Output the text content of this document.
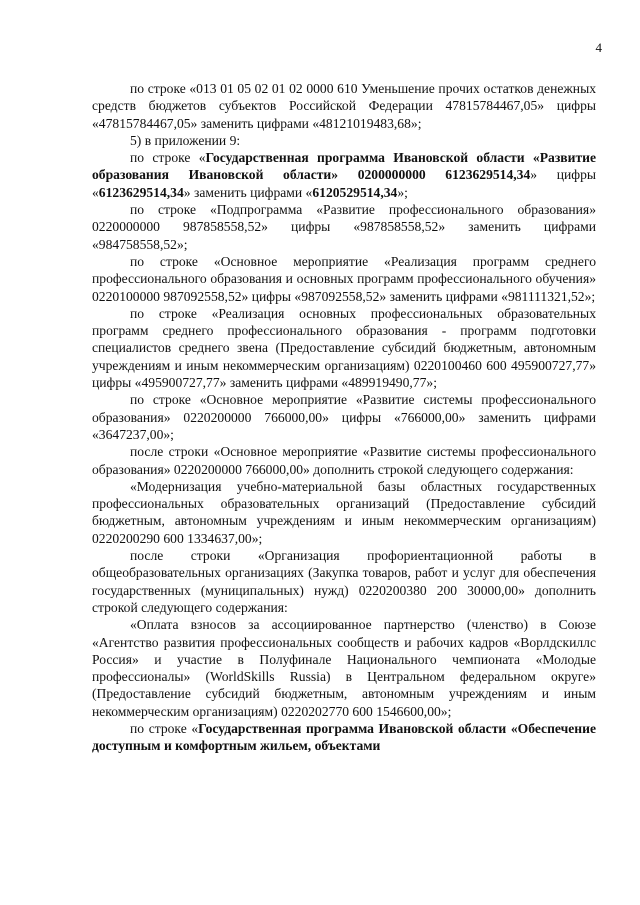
4

по строке «013 01 05 02 01 02 0000 610 Уменьшение прочих остатков денежных средств бюджетов субъектов Российской Федерации 47815784467,05» цифры «47815784467,05» заменить цифрами «48121019483,68»;

5) в приложении 9:

по строке «Государственная программа Ивановской области «Развитие образования Ивановской области» 0200000000 6123629514,34» цифры «6123629514,34» заменить цифрами «6120529514,34»;

по строке «Подпрограмма «Развитие профессионального образования» 0220000000 987858558,52» цифры «987858558,52» заменить цифрами «984758558,52»;

по строке «Основное мероприятие «Реализация программ среднего профессионального образования и основных программ профессионального обучения» 0220100000 987092558,52» цифры «987092558,52» заменить цифрами «981111321,52»;

по строке «Реализация основных профессиональных образовательных программ среднего профессионального образования - программ подготовки специалистов среднего звена (Предоставление субсидий бюджетным, автономным учреждениям и иным некоммерческим организациям) 0220100460 600 495900727,77» цифры «495900727,77» заменить цифрами «489919490,77»;

по строке «Основное мероприятие «Развитие системы профессионального образования» 0220200000 766000,00» цифры «766000,00» заменить цифрами «3647237,00»;

после строки «Основное мероприятие «Развитие системы профессионального образования» 0220200000 766000,00» дополнить строкой следующего содержания:

«Модернизация учебно-материальной базы областных государственных профессиональных образовательных организаций (Предоставление субсидий бюджетным, автономным учреждениям и иным некоммерческим организациям) 0220200290 600 1334637,00»;

после строки «Организация профориентационной работы в общеобразовательных организациях (Закупка товаров, работ и услуг для обеспечения государственных (муниципальных) нужд) 0220200380 200 30000,00» дополнить строкой следующего содержания:

«Оплата взносов за ассоциированное партнерство (членство) в Союзе «Агентство развития профессиональных сообществ и рабочих кадров «Ворлдскиллс Россия» и участие в Полуфинале Национального чемпионата «Молодые профессионалы» (WorldSkills Russia) в Центральном федеральном округе» (Предоставление субсидий бюджетным, автономным учреждениям и иным некоммерческим организациям) 0220202770 600 1546600,00»;

по строке «Государственная программа Ивановской области «Обеспечение доступным и комфортным жильем, объектами
